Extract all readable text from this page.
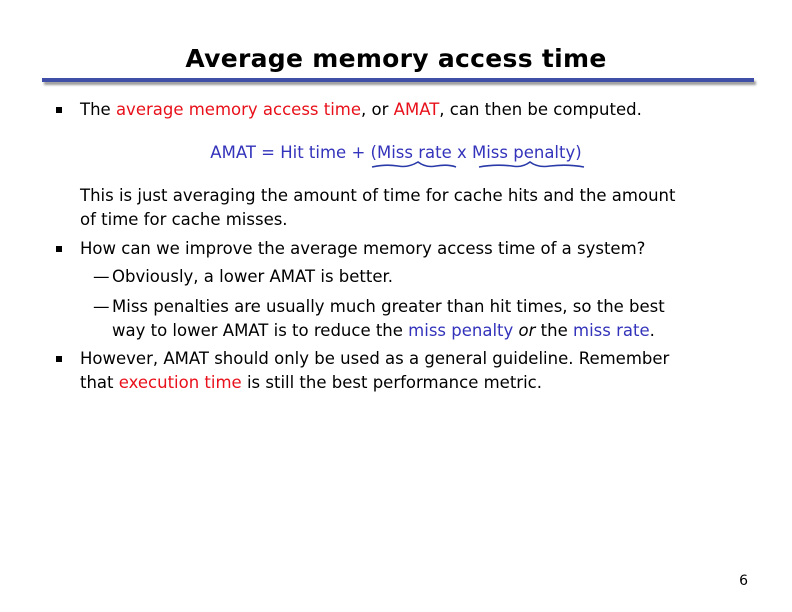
Average memory access time
The average memory access time, or AMAT, can then be computed.
AMAT = Hit time + (Miss rate x Miss penalty)
This is just averaging the amount of time for cache hits and the amount
of time for cache misses.
How can we improve the average memory access time of a system?
— Obviously, a lower AMAT is better.
— Miss penalties are usually much greater than hit times, so the best
way to lower AMAT is to reduce the miss penalty or the miss rate.
However, AMAT should only be used as a general guideline. Remember
that execution time is still the best performance metric.
6
